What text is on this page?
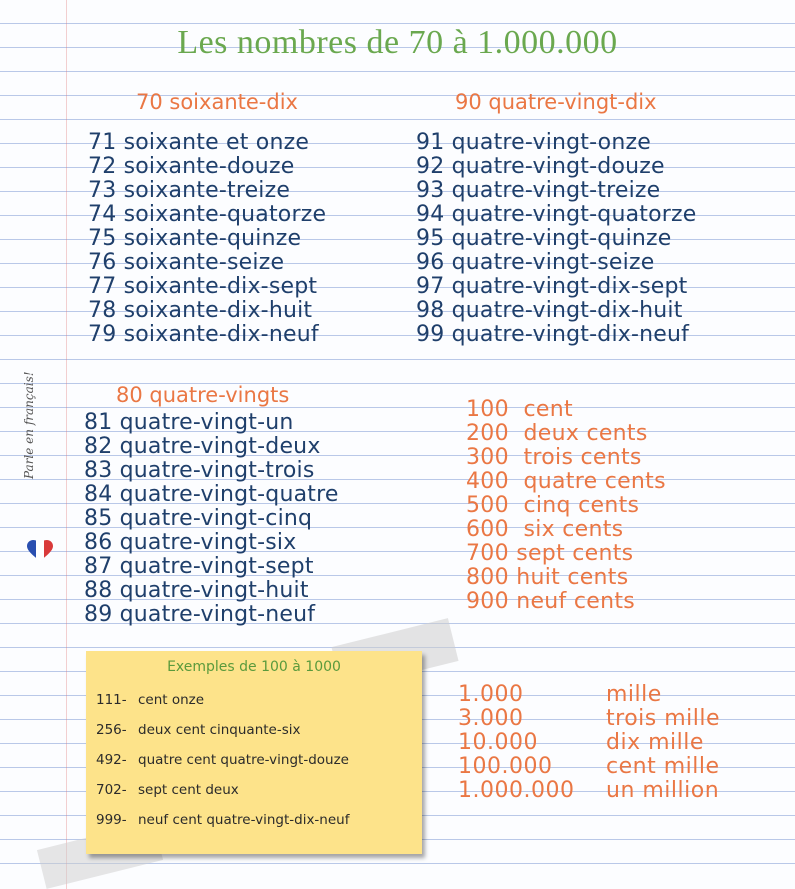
Les nombres de 70 à 1.000.000
70 soixante-dix
71 soixante et onze
72 soixante-douze
73 soixante-treize
74 soixante-quatorze
75 soixante-quinze
76 soixante-seize
77 soixante-dix-sept
78 soixante-dix-huit
79 soixante-dix-neuf
90 quatre-vingt-dix
91 quatre-vingt-onze
92 quatre-vingt-douze
93 quatre-vingt-treize
94 quatre-vingt-quatorze
95 quatre-vingt-quinze
96 quatre-vingt-seize
97 quatre-vingt-dix-sept
98 quatre-vingt-dix-huit
99 quatre-vingt-dix-neuf
Parle en français!	80 quatre-vingts
81 quatre-vingt-un
82 quatre-vingt-deux
83 quatre-vingt-trois
84 quatre-vingt-quatre
85 quatre-vingt-cinq
86 quatre-vingt-six
87 quatre-vingt-sept
88 quatre-vingt-huit
89 quatre-vingt-neuf
100 cent
200 deux cents
300 trois cents
400 quatre cents
500 cinq cents
600 six cents
700 sept cents
800 huit cents
900 neuf cents
Exemples de 100 à 1000
111- cent onze
256- deux cent cinquante-six
492- quatre cent quatre-vingt-douze
702- sept cent deux
999- neuf cent quatre-vingt-dix-neuf
1.000	mille
3.000	trois mille
10.000	dix mille
100.000 cent mille
1.000.000 un million
